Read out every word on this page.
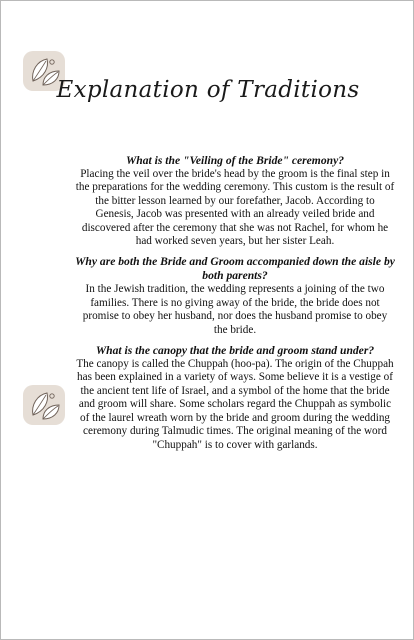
Explanation of Traditions

What is the "Veiling of the Bride" ceremony?

Placing the veil over the bride's head by the groom is the final step in the preparations for the wedding ceremony. This custom is the result of the bitter lesson learned by our forefather, Jacob. According to Genesis, Jacob was presented with an already veiled bride and discovered after the ceremony that she was not Rachel, for whom he had worked seven years, but her sister Leah.

Why are both the Bride and Groom accompanied down the aisle by both parents?

In the Jewish tradition, the wedding represents a joining of the two families. There is no giving away of the bride, the bride does not promise to obey her husband, nor does the husband promise to obey the bride.

What is the canopy that the bride and groom stand under?

The canopy is called the Chuppah (hoo-pa). The origin of the Chuppah has been explained in a variety of ways. Some believe it is a vestige of the ancient tent life of Israel, and a symbol of the home that the bride and groom will share. Some scholars regard the Chuppah as symbolic of the laurel wreath worn by the bride and groom during the wedding ceremony during Talmudic times. The original meaning of the word "Chuppah" is to cover with garlands.
